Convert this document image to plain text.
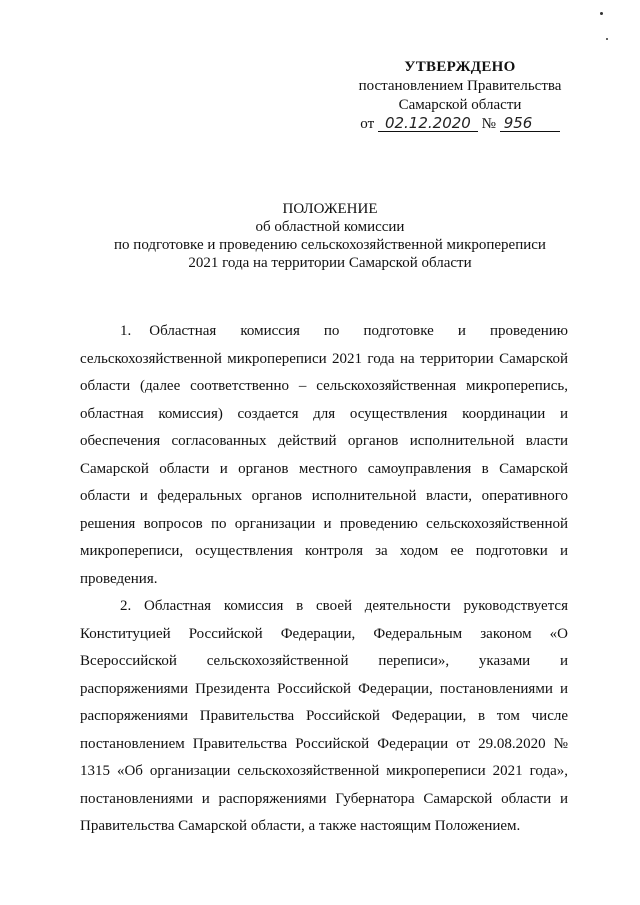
УТВЕРЖДЕНО
постановлением Правительства
Самарской области
от 02.12.2020 № 956
ПОЛОЖЕНИЕ
об областной комиссии
по подготовке и проведению сельскохозяйственной микропереписи
2021 года на территории Самарской области

1. Областная комиссия по подготовке и проведению сельскохозяйственной микропереписи 2021 года на территории Самарской области (далее соответственно – сельскохозяйственная микроперепись, областная комиссия) создается для осуществления координации и обеспечения согласованных действий органов исполнительной власти Самарской области и органов местного самоуправления в Самарской области и федеральных органов исполнительной власти, оперативного решения вопросов по организации и проведению сельскохозяйственной микропереписи, осуществления контроля за ходом ее подготовки и проведения.

2. Областная комиссия в своей деятельности руководствуется Конституцией Российской Федерации, Федеральным законом «О Всероссийской сельскохозяйственной переписи», указами и распоряжениями Президента Российской Федерации, постановлениями и распоряжениями Правительства Российской Федерации, в том числе постановлением Правительства Российской Федерации от 29.08.2020 № 1315 «Об организации сельскохозяйственной микропереписи 2021 года», постановлениями и распоряжениями Губернатора Самарской области и Правительства Самарской области, а также настоящим Положением.
